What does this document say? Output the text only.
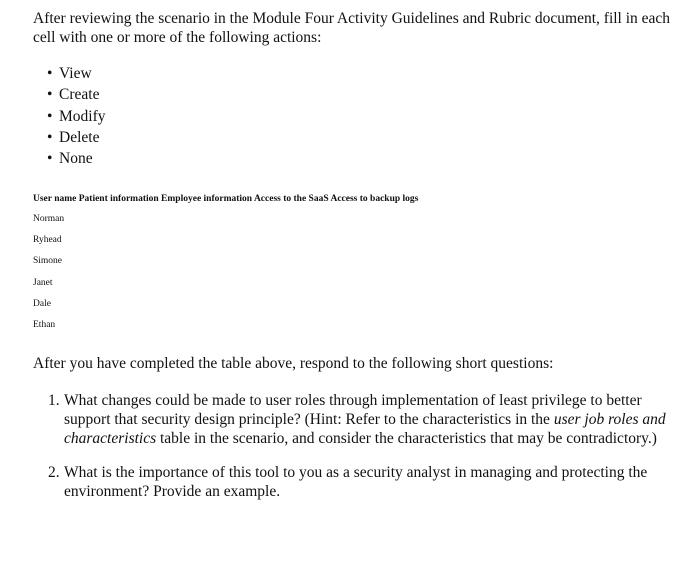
After reviewing the scenario in the Module Four Activity Guidelines and Rubric document, fill in each cell with one or more of the following actions:
• View
• Create
• Modify
• Delete
• None
User name Patient information Employee information Access to the SaaS Access to backup logs
Norman
Ryhead
Simone
Janet
Dale
Ethan
After you have completed the table above, respond to the following short questions:
1. What changes could be made to user roles through implementation of least privilege to better support that security design principle? (Hint: Refer to the characteristics in the user job roles and characteristics table in the scenario, and consider the characteristics that may be contradictory.)
2. What is the importance of this tool to you as a security analyst in managing and protecting the environment? Provide an example.
